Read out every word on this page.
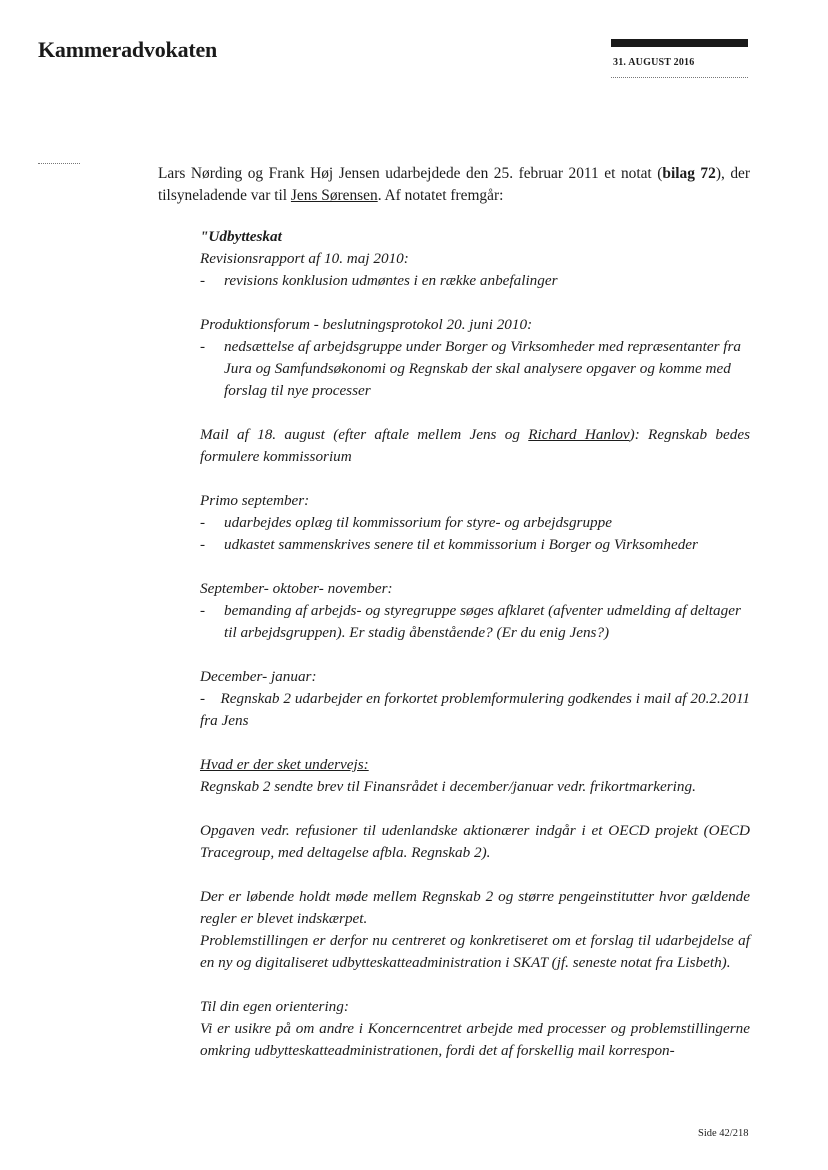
Kammeradvokaten
31. AUGUST 2016
Lars Nørding og Frank Høj Jensen udarbejdede den 25. februar 2011 et notat (bilag 72), der tilsyneladende var til Jens Sørensen. Af notatet fremgår:

"Udbytteskat

Revisionsrapport af 10. maj 2010:

-	revisions konklusion udmøntes i en række anbefalinger

Produktionsforum - beslutningsprotokol 20. juni 2010:

-	nedsættelse af arbejdsgruppe under Borger og Virksomheder med repræsentanter fra Jura og Samfundsøkonomi og Regnskab der skal analysere opgaver og komme med forslag til nye processer

Mail af 18. august (efter aftale mellem Jens og Richard Hanlov): Regnskab bedes formulere kommissorium

Primo september:

-	udarbejdes oplæg til kommissorium for styre- og arbejdsgruppe
-	udkastet sammenskrives senere til et kommissorium i Borger og Virksomheder

September- oktober- november:

-	bemanding af arbejds- og styregruppe søges afklaret (afventer udmelding af deltager til arbejdsgruppen). Er stadig åbenstående? (Er du enig Jens?)

December- januar:

- Regnskab 2 udarbejder en forkortet problemformulering godkendes i mail af 20.2.2011 fra Jens

Hvad er der sket undervejs:

Regnskab 2 sendte brev til Finansrådet i december/januar vedr. frikortmarkering.

Opgaven vedr. refusioner til udenlandske aktionærer indgår i et OECD projekt (OECD Tracegroup, med deltagelse afbla. Regnskab 2).

Der er løbende holdt møde mellem Regnskab 2 og større pengeinstitutter hvor gældende regler er blevet indskærpet.

Problemstillingen er derfor nu centreret og konkretiseret om et forslag til udarbejdelse af en ny og digitaliseret udbytteskatteadministration i SKAT (jf. seneste notat fra Lisbeth).

Til din egen orientering:

Vi er usikre på om andre i Koncerncentret arbejde med processer og problemstillingerne omkring udbytteskatteadministrationen, fordi det af forskellig mail korrespon-

Side 42/218
